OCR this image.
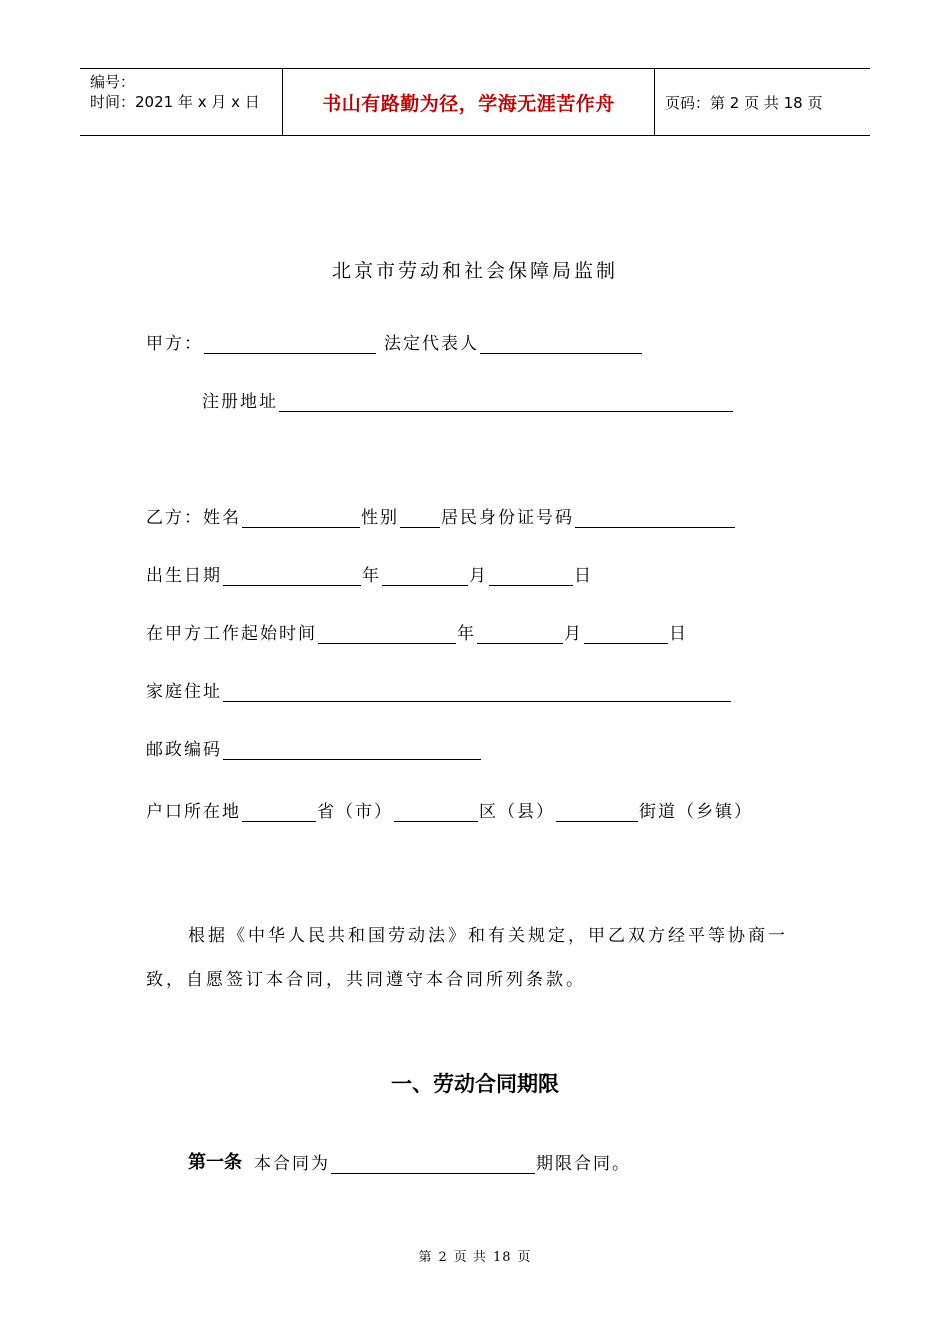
编号：
时间：2021 年 x 月 x 日	书山有路勤为径，学海无涯苦作舟	页码：第 2 页 共 18 页
北京市劳动和社会保障局监制
甲方：	法定代表人
注册地址
乙方： 姓名	性别 居民身份证号码
出生日期	年	月	日
在甲方工作起始时间	年	月	日
家庭住址
邮政编码
户口所在地	省（市）	区（县）	街道（乡镇）
根据《中华人民共和国劳动法》和有关规定，甲乙双方经平等协商一致，自愿签订本合同，共同遵守本合同所列条款。
一、劳动合同期限
第一条 本合同为	期限合同。
第 2 页 共 18 页
